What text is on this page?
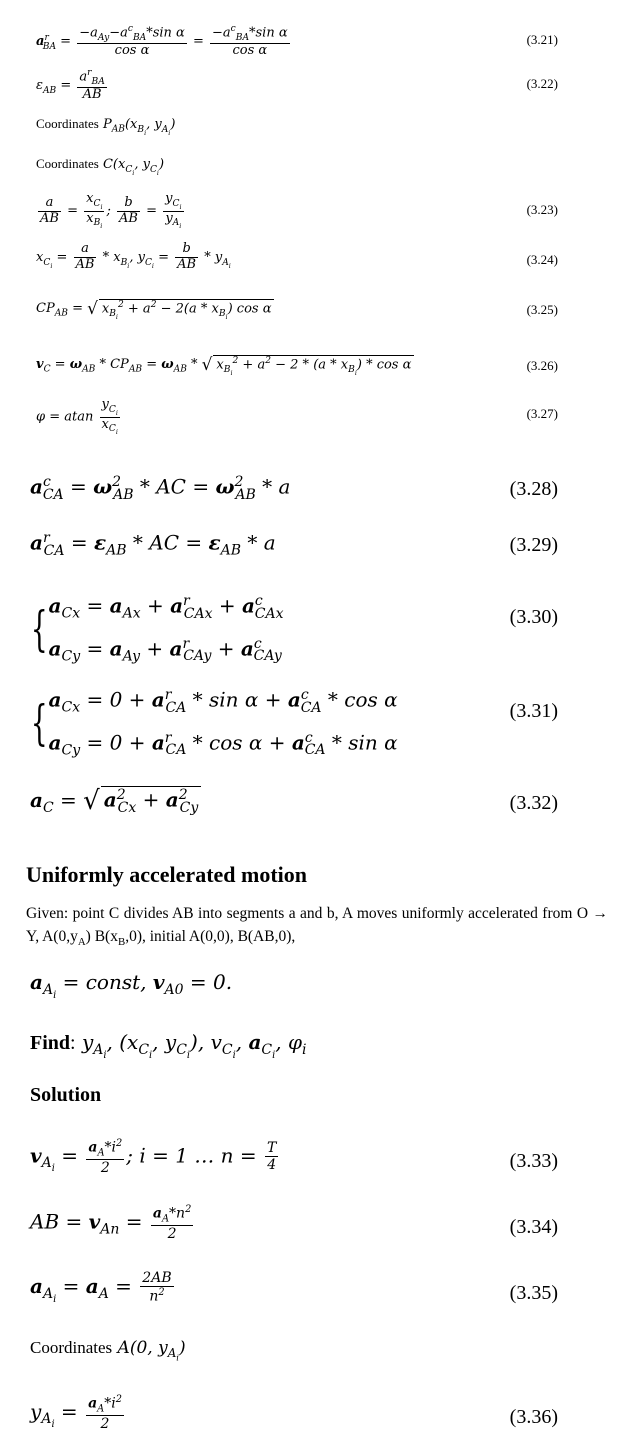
$a^r_{BA} = \frac{-a_{Ay}-a^c_{BA}*\sin \alpha}{\text{cos α}} = \frac{-a^c_{BA}*\sin \alpha}{\text{cos α}}$	(3.21)
$\varepsilon_{AB} = \frac{a^r_{BA}}{AB}$	(3.22)
Coordinates $P_{AB}(x_{B_i}$, $y_{A_i}$)
Coordinates $C(x_{C_i}$, $y_{C_i}$)
$\frac{a}{AB} = \frac{x_{C_i}}{x_{B_i}}$ ; $\frac{b}{AB} = \frac{y_{C_i}}{y_{A_i}}$	(3.23)
$x_{C_i} = \frac{a}{AB} * x_{B_i}$, $y_{C_i} = \frac{b}{AB} * y_{A_i}$	(3.24)
$CP_{AB}$ = √ $x_{B_i}^2 + a^2 - 2(a * x_{B_i})$ cos α	(3.25)
$v_C = \omega_{AB} * CP_{AB} = \omega_{AB}$ * √ $x_{B_i}^2 + a^2 - 2 * (a * x_{B_i}) * \cos \alpha$	(3.26)
φ = atan $\frac{y_{C_i}}{x_{C_i}}$	(3.27)
$a^c_{CA} = \omega^2_{AB}$ * AC = $\omega^2_{AB}$ * a	(3.28)
$a^r_{CA} = \varepsilon_{AB}$ * AC = $\varepsilon_{AB}$ * a	(3.29)
{$a_{Cx} = a_{Ax} + a^r_{CAx} + a^c_{CAx}$
$a_{Cy} = a_{Ay} + a^r_{CAy} + a^c_{CAy}$
(3.30)
{$a_{Cx} = 0 + a^r_{CA} * \sin \alpha + a^c_{CA} * \cos \alpha$
$a_{Cy} = 0 + a^r_{CA} * \cos \alpha + a^c_{CA} * \sin \alpha$
(3.31)
$a_C$ = √ $a^2_{Cx} + a^2_{Cy}$	(3.32)
Uniformly accelerated motion
Given: point C divides AB into segments a and b, A moves uniformly accelerated from O → Y, $A(0,y_A)$ $B(x_B,0)$, initial A(0,0), B(AB,0),
$a_{A_i}$ = const, $v_{A0} = 0$.
Find: $y_{A_i}$, ($x_{C_i}$, $y_{C_i}$), $v_{C_i}$, $a_{C_i}$, $\varphi_i$
Solution
$v_{A_i} = \frac{a_A*i^2}{2}$ ; i = 1 … $n = \frac{T}{4}$	(3.33)
AB = $v_{An} = \frac{a_A*n^2}{2}$	(3.34)
$a_{A_i} = a_A = \frac{2AB}{n^2}$	(3.35)
Coordinates A(0, $y_{A_i}$)
$y_{A_i} = \frac{a_A*i^2}{2}$	(3.36)
